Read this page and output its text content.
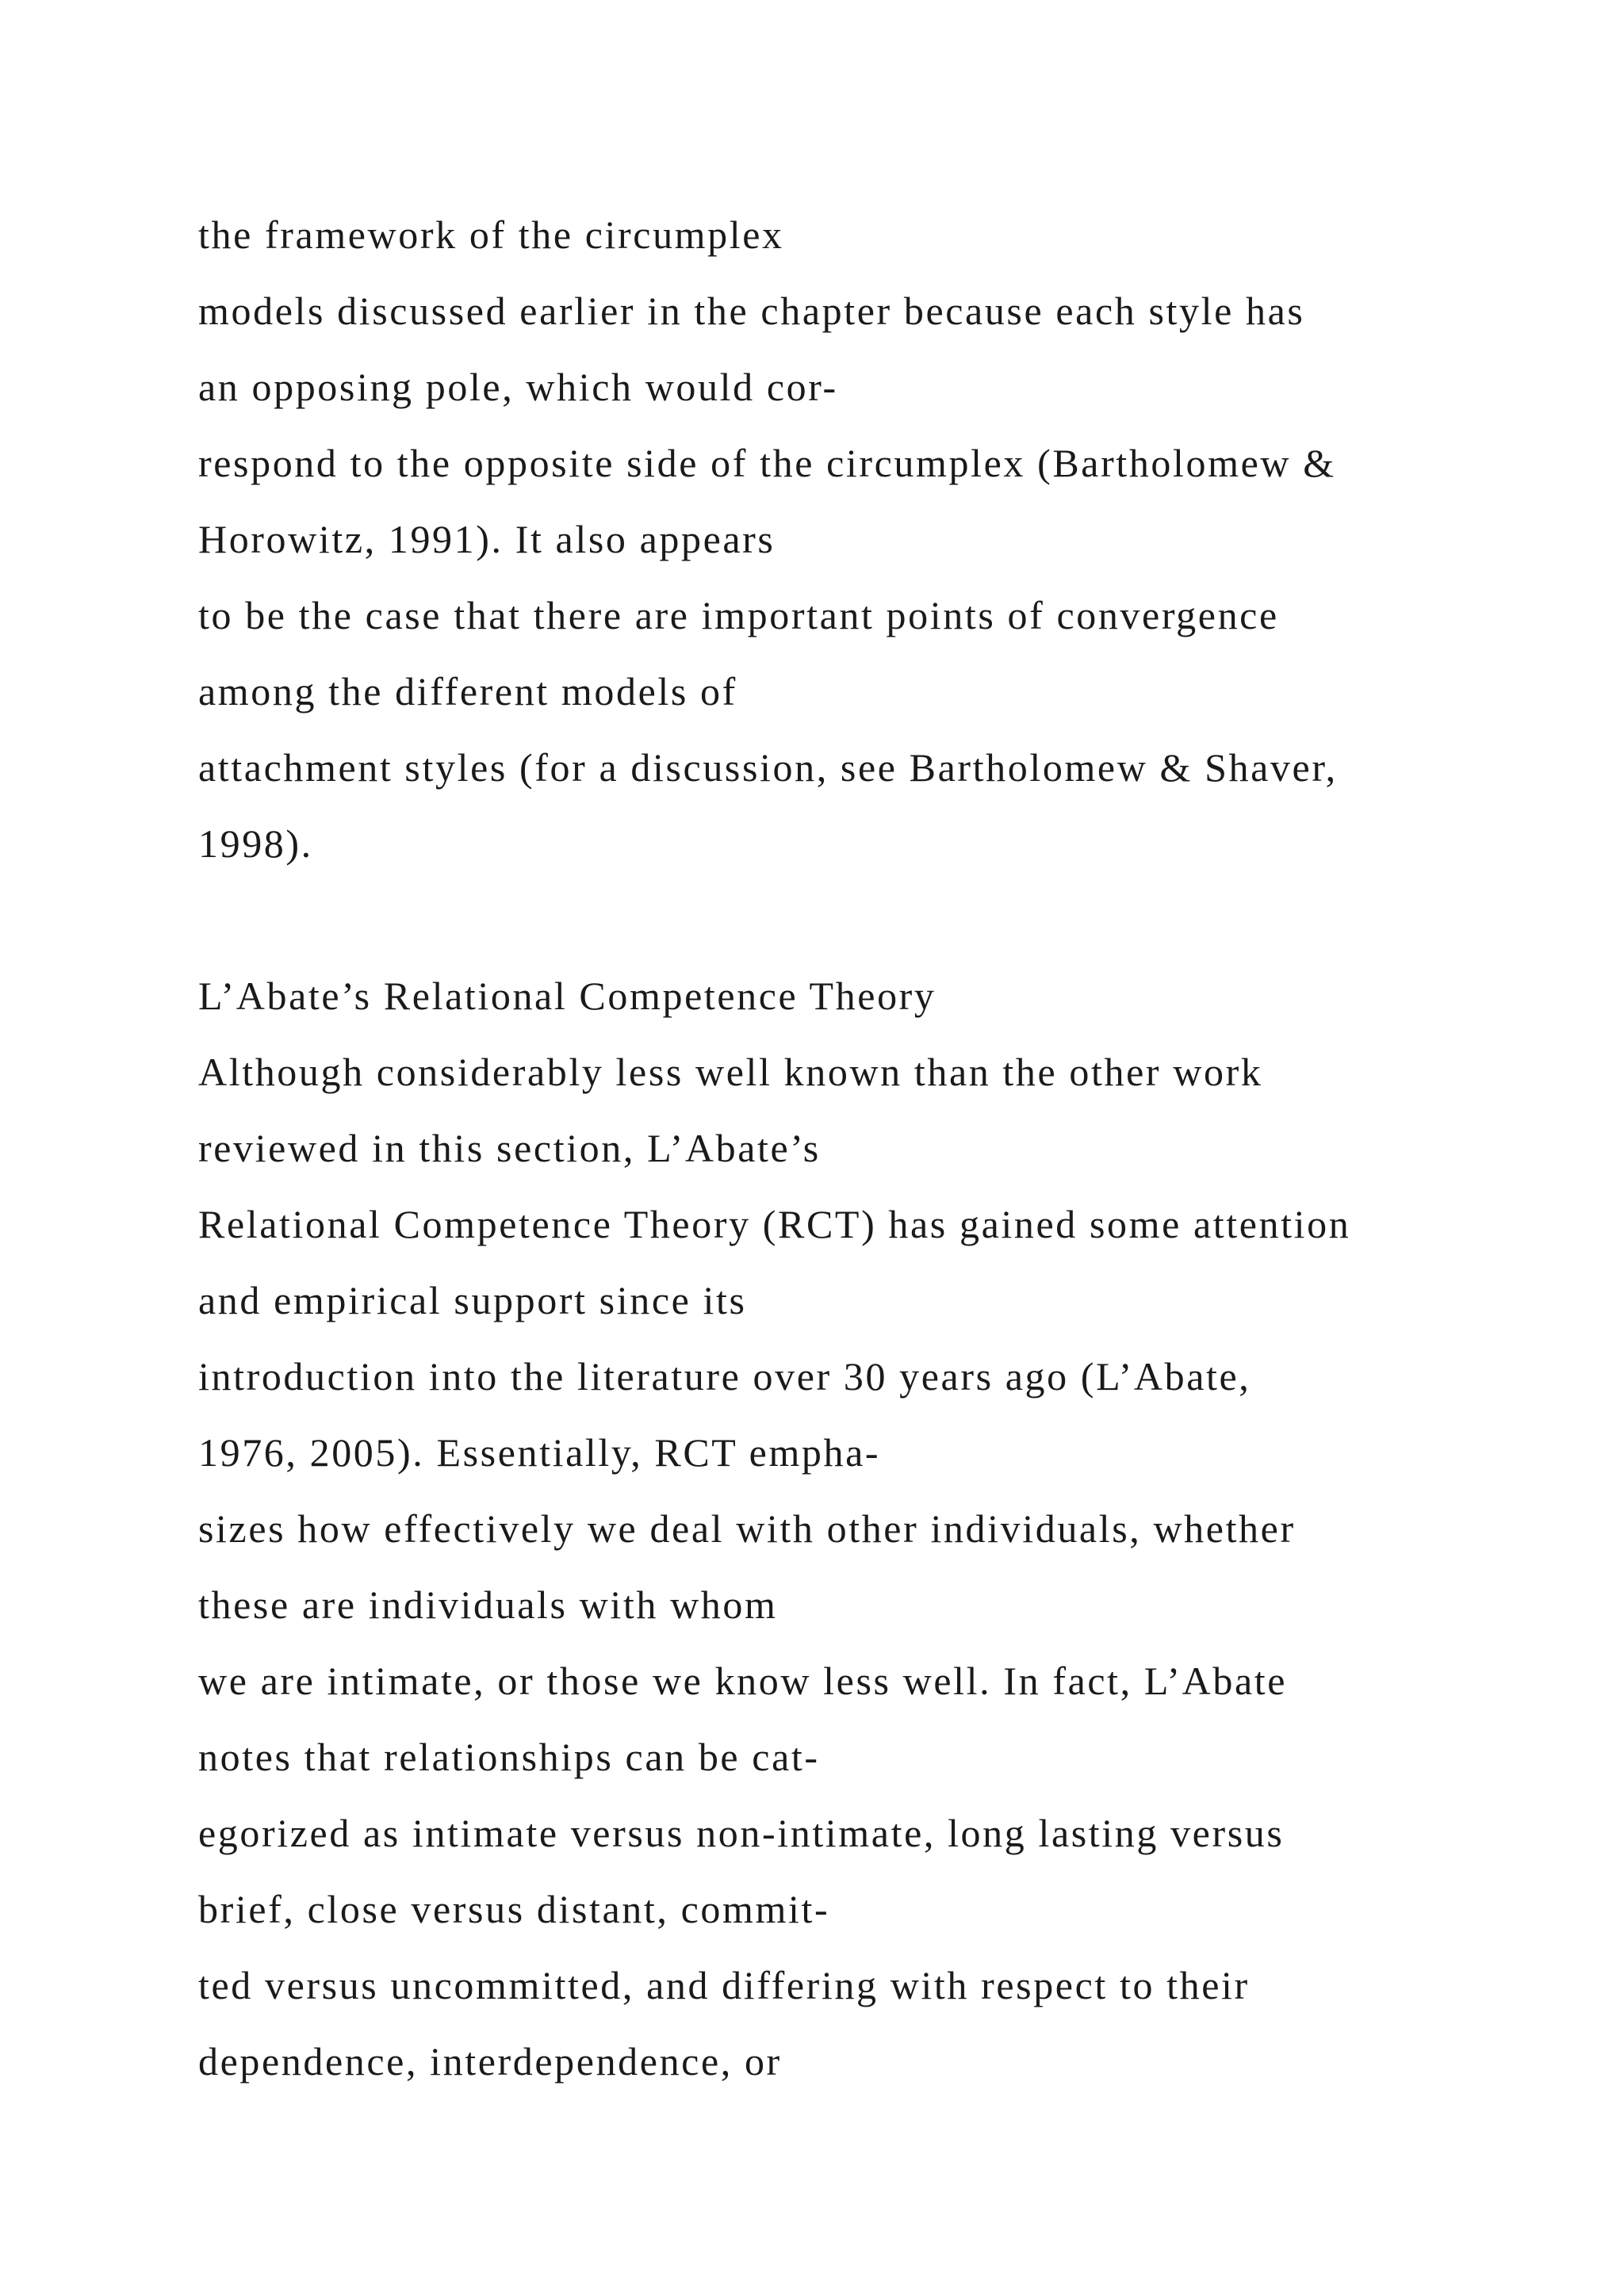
the framework of the circumplex
models discussed earlier in the chapter because each style has
an opposing pole, which would cor-
respond to the opposite side of the circumplex (Bartholomew &
Horowitz, 1991). It also appears
to be the case that there are important points of convergence
among the different models of
attachment styles (for a discussion, see Bartholomew & Shaver,
1998).
L’Abate’s Relational Competence Theory
Although considerably less well known than the other work
reviewed in this section, L’Abate’s
Relational Competence Theory (RCT) has gained some attention
and empirical support since its
introduction into the literature over 30 years ago (L’Abate,
1976, 2005). Essentially, RCT empha-
sizes how effectively we deal with other individuals, whether
these are individuals with whom
we are intimate, or those we know less well. In fact, L’Abate
notes that relationships can be cat-
egorized as intimate versus non-intimate, long lasting versus
brief, close versus distant, commit-
ted versus uncommitted, and differing with respect to their
dependence, interdependence, or
